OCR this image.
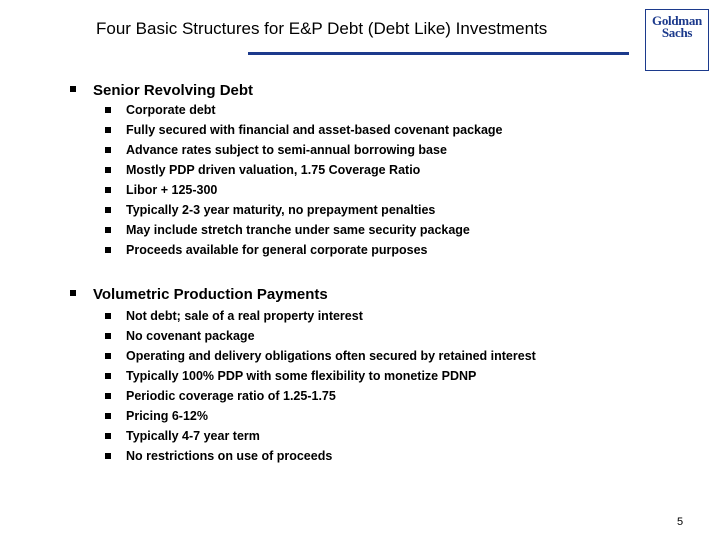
Four Basic Structures for E&P Debt (Debt Like) Investments	Goldman
Sachs
Senior Revolving Debt
Corporate debt
Fully secured with financial and asset-based covenant package
Advance rates subject to semi-annual borrowing base
Mostly PDP driven valuation, 1.75 Coverage Ratio
Libor + 125-300
Typically 2-3 year maturity, no prepayment penalties
May include stretch tranche under same security package
Proceeds available for general corporate purposes
Volumetric Production Payments
Not debt; sale of a real property interest
No covenant package
Operating and delivery obligations often secured by retained interest
Typically 100% PDP with some flexibility to monetize PDNP
Periodic coverage ratio of 1.25-1.75
Pricing 6-12%
Typically 4-7 year term
No restrictions on use of proceeds
5
